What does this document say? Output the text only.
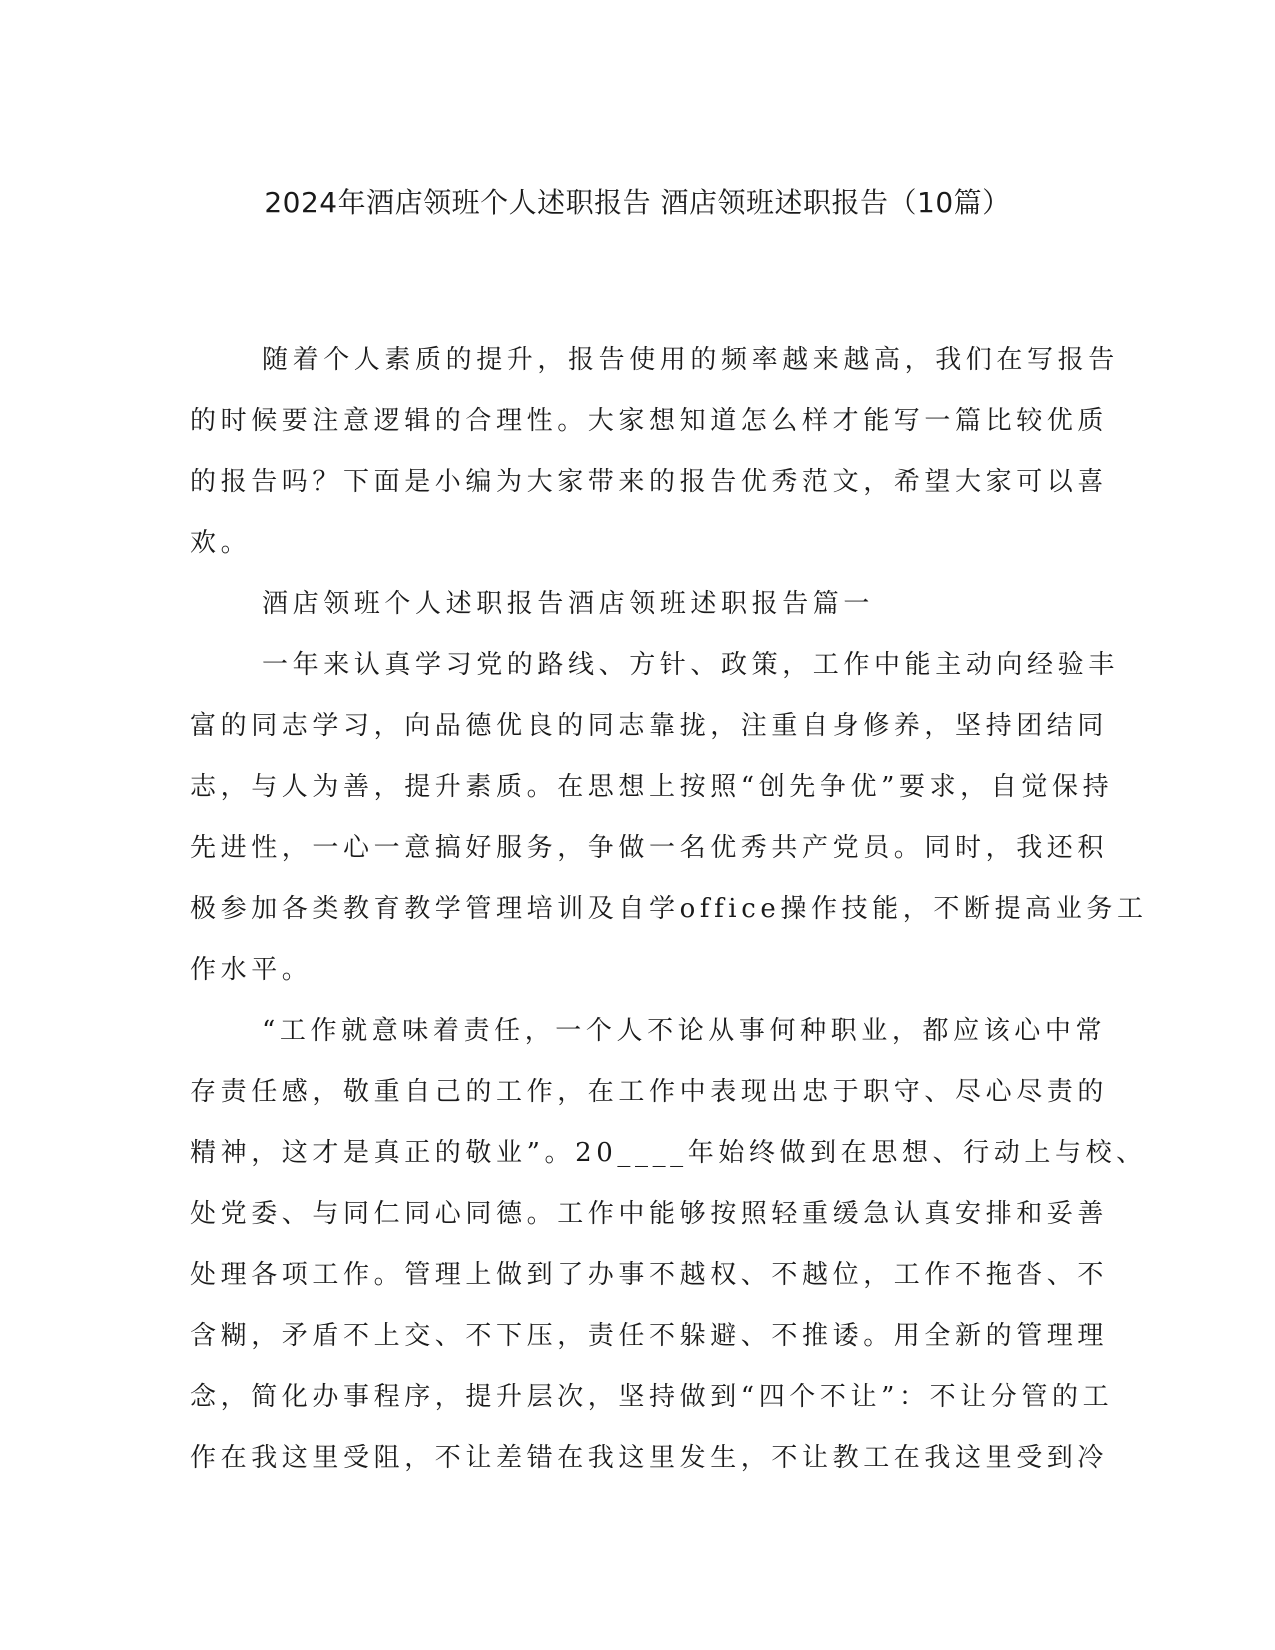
2024年酒店领班个人述职报告 酒店领班述职报告（10篇）
随着个人素质的提升，报告使用的频率越来越高，我们在写报告
的时候要注意逻辑的合理性。大家想知道怎么样才能写一篇比较优质
的报告吗？下面是小编为大家带来的报告优秀范文，希望大家可以喜
欢。
酒店领班个人述职报告酒店领班述职报告篇一
一年来认真学习党的路线、方针、政策，工作中能主动向经验丰
富的同志学习，向品德优良的同志靠拢，注重自身修养，坚持团结同
志，与人为善，提升素质。在思想上按照“创先争优”要求，自觉保持
先进性，一心一意搞好服务，争做一名优秀共产党员。同时，我还积
极参加各类教育教学管理培训及自学office操作技能，不断提高业务工
作水平。
“工作就意味着责任，一个人不论从事何种职业，都应该心中常
存责任感，敬重自己的工作，在工作中表现出忠于职守、尽心尽责的
精神，这才是真正的敬业”。20____年始终做到在思想、行动上与校、
处党委、与同仁同心同德。工作中能够按照轻重缓急认真安排和妥善
处理各项工作。管理上做到了办事不越权、不越位，工作不拖沓、不
含糊，矛盾不上交、不下压，责任不躲避、不推诿。用全新的管理理
念，简化办事程序，提升层次，坚持做到“四个不让”：不让分管的工
作在我这里受阻，不让差错在我这里发生，不让教工在我这里受到冷
